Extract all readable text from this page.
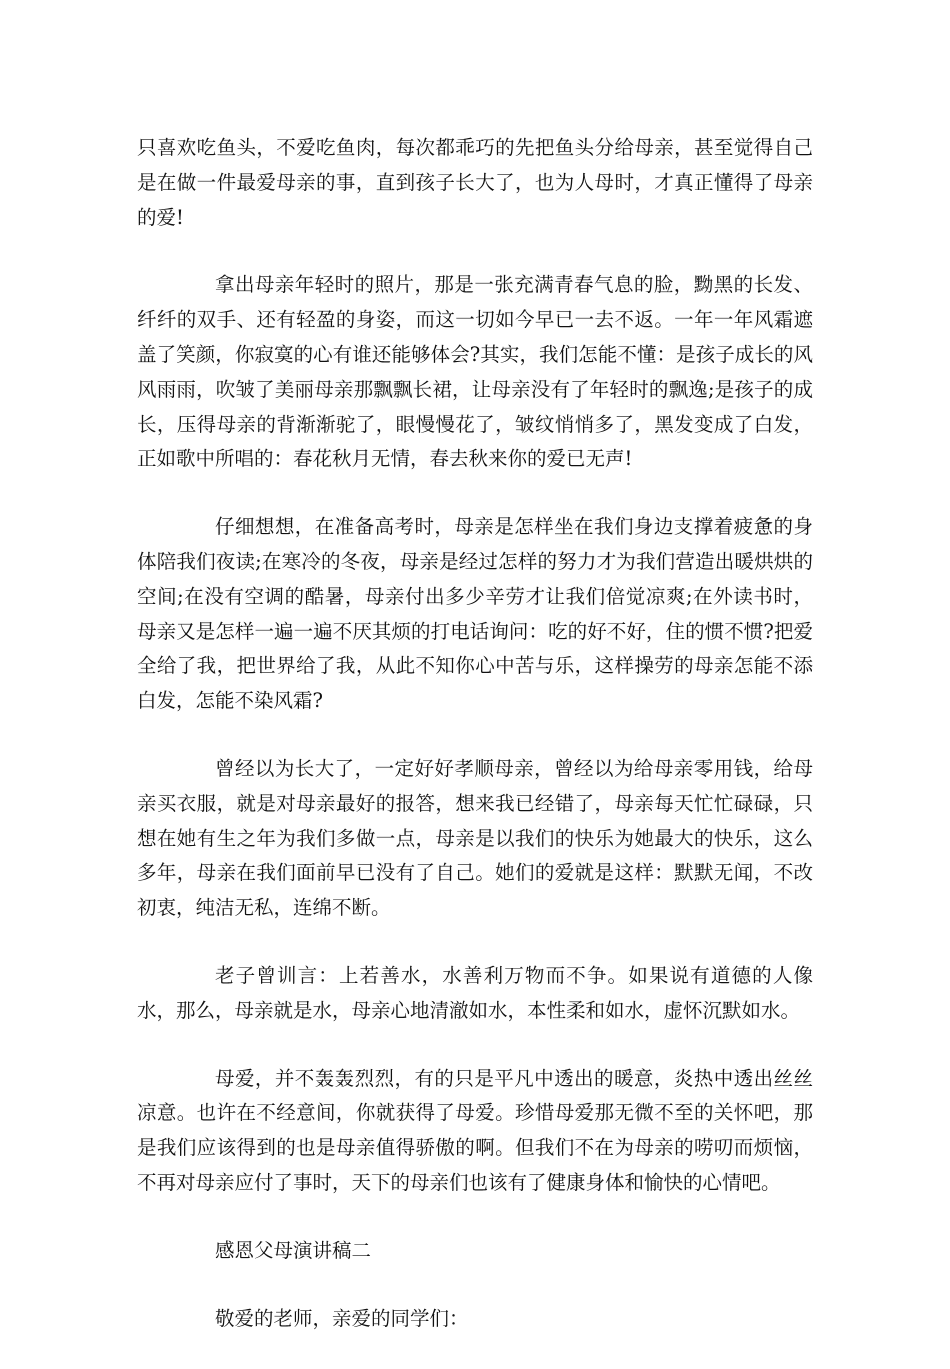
只喜欢吃鱼头，不爱吃鱼肉，每次都乖巧的先把鱼头分给母亲，甚至觉得自己是在做一件最爱母亲的事，直到孩子长大了，也为人母时，才真正懂得了母亲的爱!

拿出母亲年轻时的照片，那是一张充满青春气息的脸，黝黑的长发、纤纤的双手、还有轻盈的身姿，而这一切如今早已一去不返。一年一年风霜遮盖了笑颜，你寂寞的心有谁还能够体会?其实，我们怎能不懂：是孩子成长的风风雨雨，吹皱了美丽母亲那飘飘长裙，让母亲没有了年轻时的飘逸;是孩子的成长，压得母亲的背渐渐驼了，眼慢慢花了，皱纹悄悄多了，黑发变成了白发，正如歌中所唱的：春花秋月无情，春去秋来你的爱已无声!

仔细想想，在准备高考时，母亲是怎样坐在我们身边支撑着疲惫的身体陪我们夜读;在寒冷的冬夜，母亲是经过怎样的努力才为我们营造出暖烘烘的空间;在没有空调的酷暑，母亲付出多少辛劳才让我们倍觉凉爽;在外读书时，母亲又是怎样一遍一遍不厌其烦的打电话询问：吃的好不好，住的惯不惯?把爱全给了我，把世界给了我，从此不知你心中苦与乐，这样操劳的母亲怎能不添白发，怎能不染风霜?

曾经以为长大了，一定好好孝顺母亲，曾经以为给母亲零用钱，给母亲买衣服，就是对母亲最好的报答，想来我已经错了，母亲每天忙忙碌碌，只想在她有生之年为我们多做一点，母亲是以我们的快乐为她最大的快乐，这么多年，母亲在我们面前早已没有了自己。她们的爱就是这样：默默无闻，不改初衷，纯洁无私，连绵不断。

老子曾训言：上若善水，水善利万物而不争。如果说有道德的人像水，那么，母亲就是水，母亲心地清澈如水，本性柔和如水，虚怀沉默如水。

母爱，并不轰轰烈烈，有的只是平凡中透出的暖意，炎热中透出丝丝凉意。也许在不经意间，你就获得了母爱。珍惜母爱那无微不至的关怀吧，那是我们应该得到的也是母亲值得骄傲的啊。但我们不在为母亲的唠叨而烦恼，不再对母亲应付了事时，天下的母亲们也该有了健康身体和愉快的心情吧。

感恩父母演讲稿二

敬爱的老师，亲爱的同学们：
